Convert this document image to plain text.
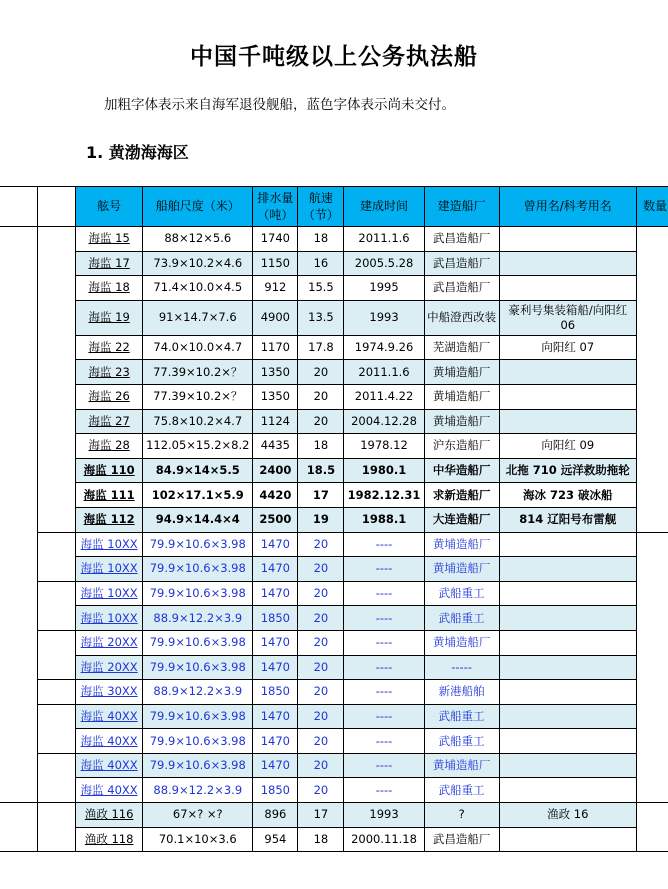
中国千吨级以上公务执法船
加粗字体表示来自海军退役舰船，蓝色字体表示尚未交付。
1. 黄渤海海区
		舷号	船舶尺度（米）	排水量（吨）	航速（节）	建成时间	建造船厂	曾用名/科考用名	数量
		海监 15	88×12×5.6	1740	18	2011.1.6	武昌造船厂		
		海监 17	73.9×10.2×4.6	1150	16	2005.5.28	武昌造船厂		
		海监 18	71.4×10.0×4.5	912	15.5	1995	武昌造船厂		
		海监 19	91×14.7×7.6	4900	13.5	1993	中船澄西改装	豪利号集装箱船/向阳红 06	
		海监 22	74.0×10.0×4.7	1170	17.8	1974.9.26	芜湖造船厂	向阳红 07	
		海监 23	77.39×10.2×？	1350	20	2011.1.6	黄埔造船厂		
		海监 26	77.39×10.2×？	1350	20	2011.4.22	黄埔造船厂		
		海监 27	75.8×10.2×4.7	1124	20	2004.12.28	黄埔造船厂		
		海监 28	112.05×15.2×8.2	4435	18	1978.12	沪东造船厂	向阳红 09	
		海监 110	84.9×14×5.5	2400	18.5	1980.1	中华造船厂	北拖 710 远洋救助拖轮	
		海监 111	102×17.1×5.9	4420	17	1982.12.31	求新造船厂	海冰 723 破冰船	
		海监 112	94.9×14.4×4	2500	19	1988.1	大连造船厂	814 辽阳号布雷舰	
		海监 10XX	79.9×10.6×3.98	1470	20	----	黄埔造船厂		
		海监 10XX	79.9×10.6×3.98	1470	20	----	黄埔造船厂		
		海监 10XX	79.9×10.6×3.98	1470	20	----	武船重工		
		海监 10XX	88.9×12.2×3.9	1850	20	----	武船重工		
		海监 20XX	79.9×10.6×3.98	1470	20	----	黄埔造船厂		
		海监 20XX	79.9×10.6×3.98	1470	20	----	-----		
		海监 30XX	88.9×12.2×3.9	1850	20	----	新港船舶		
		海监 40XX	79.9×10.6×3.98	1470	20	----	武船重工		
		海监 40XX	79.9×10.6×3.98	1470	20	----	武船重工		
		海监 40XX	79.9×10.6×3.98	1470	20	----	黄埔造船厂		
		海监 40XX	88.9×12.2×3.9	1850	20	----	武船重工		
		渔政 116	67×? ×?	896	17	1993	?	渔政 16	
		渔政 118	70.1×10×3.6	954	18	2000.11.18	武昌造船厂		
